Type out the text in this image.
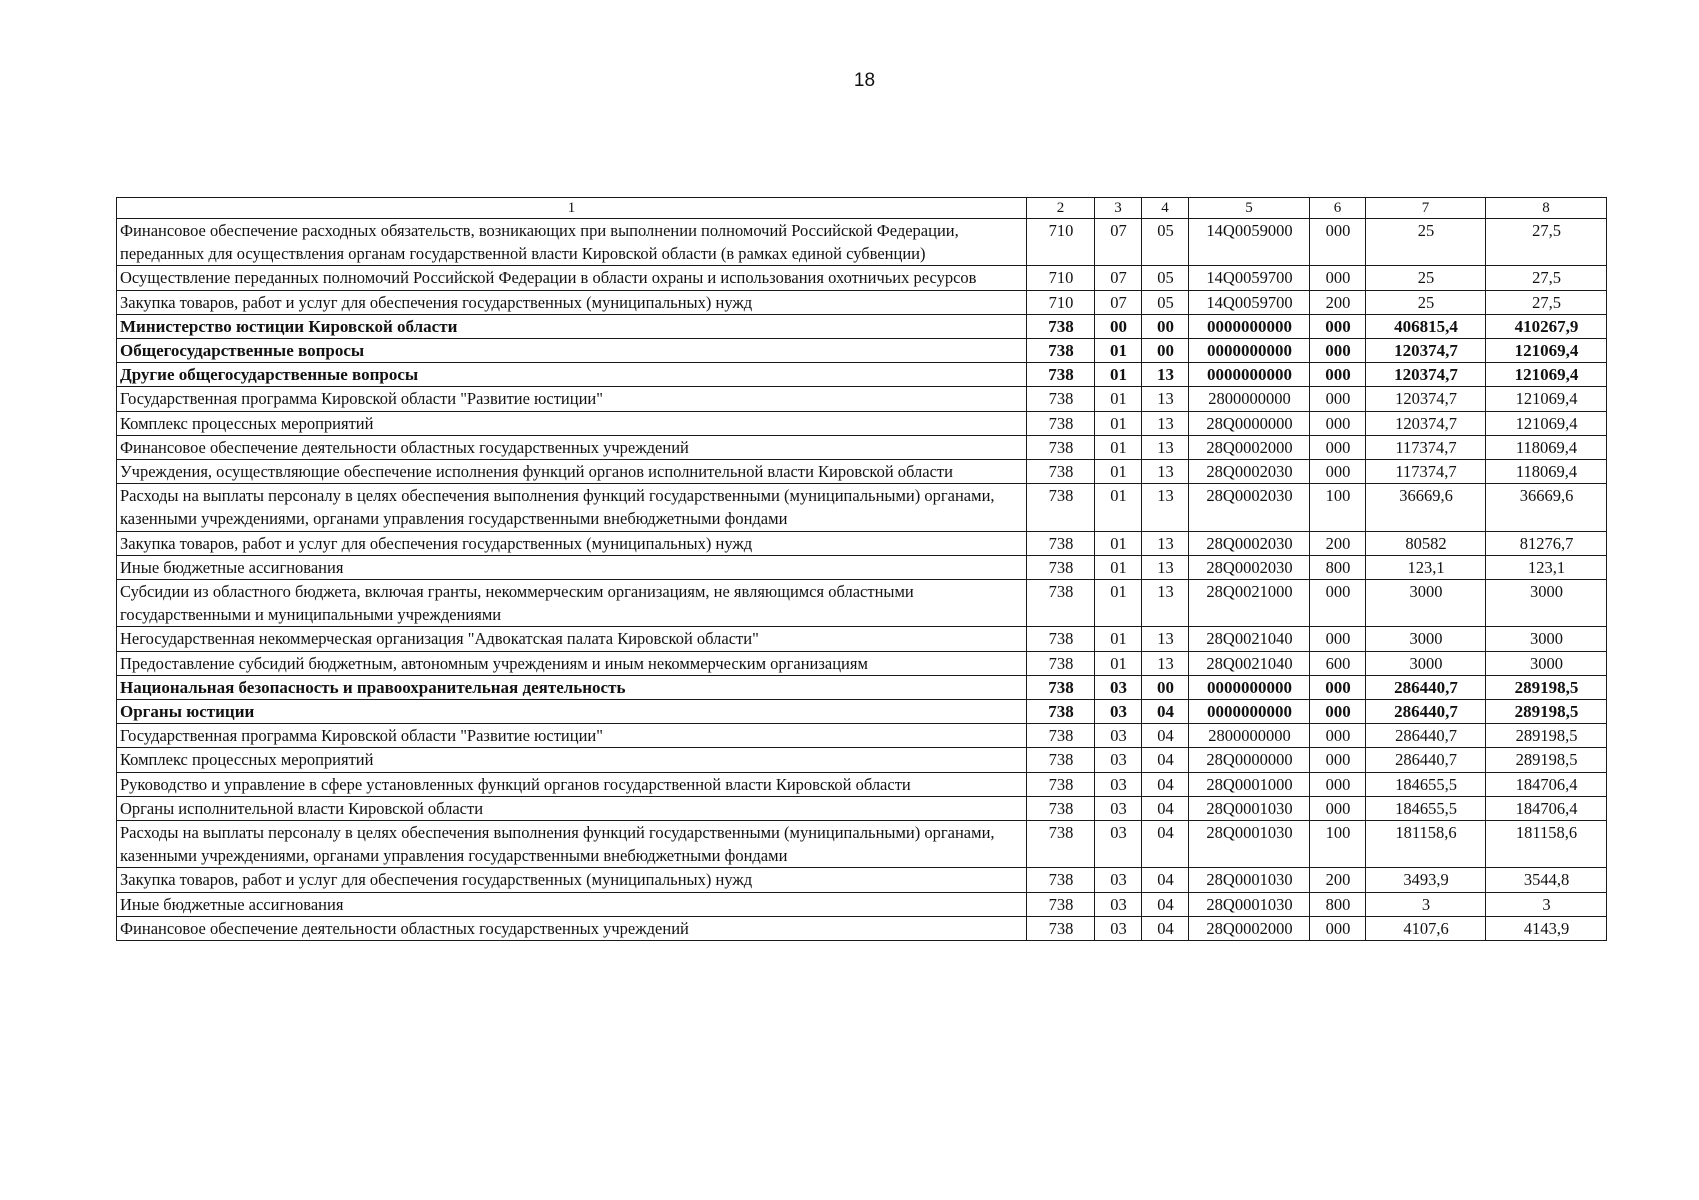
18
1	2	3	4	5	6	7	8
Финансовое обеспечение расходных обязательств, возникающих при выполнении полномочий Российской Федерации, переданных для осуществления органам государственной власти Кировской области (в рамках единой субвенции)	710	07	05	14Q0059000	000	25	27,5
Осуществление переданных полномочий Российской Федерации в области охраны и использования охотничьих ресурсов	710	07	05	14Q0059700	000	25	27,5
Закупка товаров, работ и услуг для обеспечения государственных (муниципальных) нужд	710	07	05	14Q0059700	200	25	27,5
Министерство юстиции Кировской области	738	00	00	0000000000	000	406815,4	410267,9
Общегосударственные вопросы	738	01	00	0000000000	000	120374,7	121069,4
Другие общегосударственные вопросы	738	01	13	0000000000	000	120374,7	121069,4
Государственная программа Кировской области "Развитие юстиции"	738	01	13	2800000000	000	120374,7	121069,4
Комплекс процессных мероприятий	738	01	13	28Q0000000	000	120374,7	121069,4
Финансовое обеспечение деятельности областных государственных учреждений	738	01	13	28Q0002000	000	117374,7	118069,4
Учреждения, осуществляющие обеспечение исполнения функций органов исполнительной власти Кировской области	738	01	13	28Q0002030	000	117374,7	118069,4
Расходы на выплаты персоналу в целях обеспечения выполнения функций государственными (муниципальными) органами, казенными учреждениями, органами управления государственными внебюджетными фондами	738	01	13	28Q0002030	100	36669,6	36669,6
Закупка товаров, работ и услуг для обеспечения государственных (муниципальных) нужд	738	01	13	28Q0002030	200	80582	81276,7
Иные бюджетные ассигнования	738	01	13	28Q0002030	800	123,1	123,1
Субсидии из областного бюджета, включая гранты, некоммерческим организациям, не являющимся областными государственными и муниципальными учреждениями	738	01	13	28Q0021000	000	3000	3000
Негосударственная некоммерческая организация "Адвокатская палата Кировской области"	738	01	13	28Q0021040	000	3000	3000
Предоставление субсидий бюджетным, автономным учреждениям и иным некоммерческим организациям	738	01	13	28Q0021040	600	3000	3000
Национальная безопасность и правоохранительная деятельность	738	03	00	0000000000	000	286440,7	289198,5
Органы юстиции	738	03	04	0000000000	000	286440,7	289198,5
Государственная программа Кировской области "Развитие юстиции"	738	03	04	2800000000	000	286440,7	289198,5
Комплекс процессных мероприятий	738	03	04	28Q0000000	000	286440,7	289198,5
Руководство и управление в сфере установленных функций органов государственной власти Кировской области	738	03	04	28Q0001000	000	184655,5	184706,4
Органы исполнительной власти Кировской области	738	03	04	28Q0001030	000	184655,5	184706,4
Расходы на выплаты персоналу в целях обеспечения выполнения функций государственными (муниципальными) органами, казенными учреждениями, органами управления государственными внебюджетными фондами	738	03	04	28Q0001030	100	181158,6	181158,6
Закупка товаров, работ и услуг для обеспечения государственных (муниципальных) нужд	738	03	04	28Q0001030	200	3493,9	3544,8
Иные бюджетные ассигнования	738	03	04	28Q0001030	800	3	3
Финансовое обеспечение деятельности областных государственных учреждений	738	03	04	28Q0002000	000	4107,6	4143,9
